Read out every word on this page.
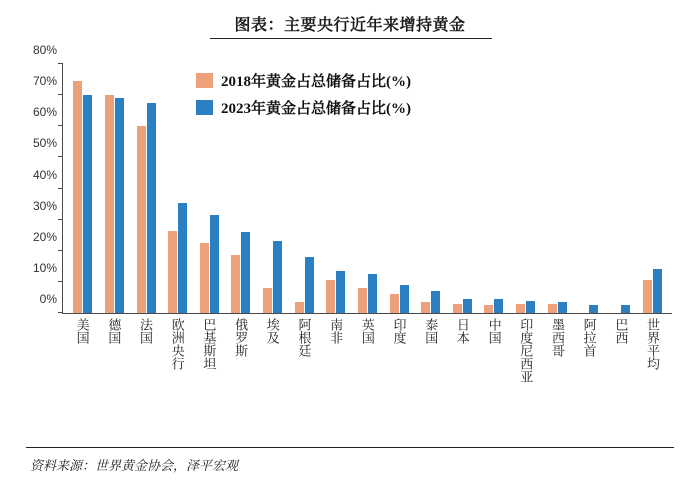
图表：主要央行近年来增持黄金
0%
10%
20%
30%
40%
50%
60%
70%
80%
美国 德国 法国 欧洲央行 巴基斯坦 俄罗斯 埃及 阿根廷 南非 英国 印度 泰国 日本 中国 印度尼西亚 墨西哥 阿拉首 巴西 世界平均
2018年黄金占总储备占比(%)
2023年黄金占总储备占比(%)
资料来源：世界黄金协会，泽平宏观
